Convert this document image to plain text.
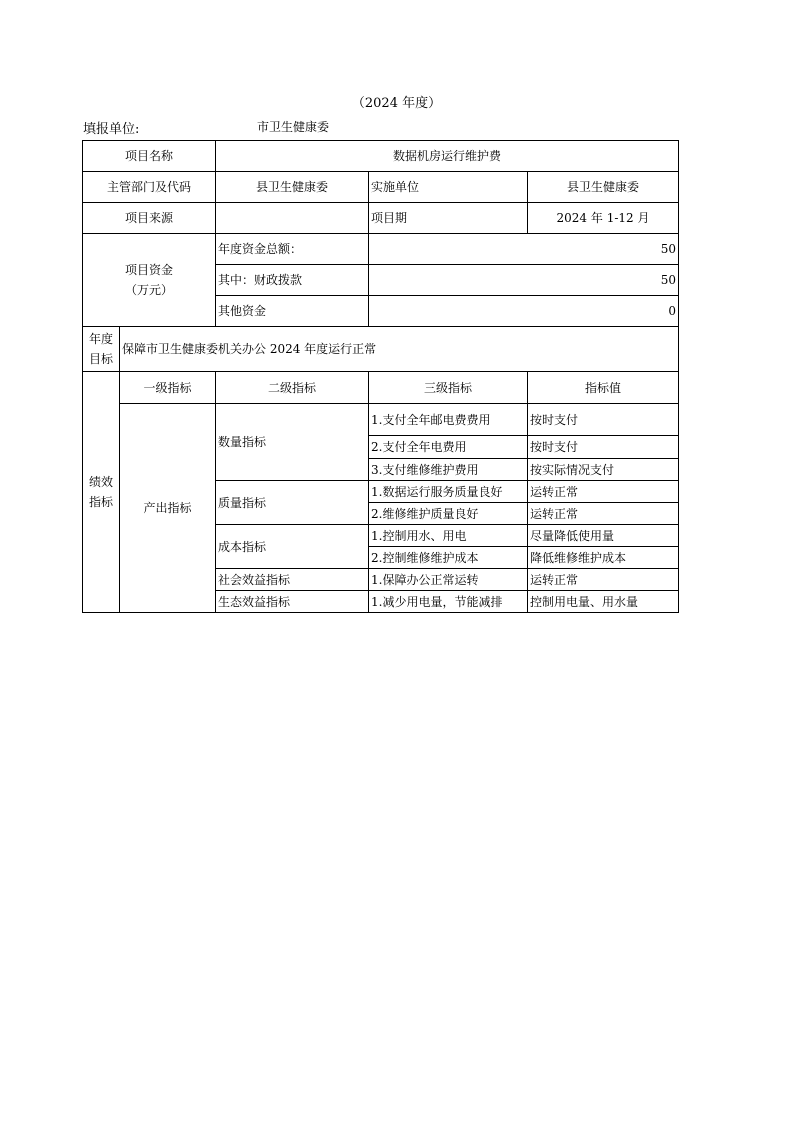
（2024 年度）
填报单位:	市卫生健康委
项目名称		数据机房运行维护费		
主管部门及代码		县卫生健康委	实施单位	县卫生健康委
项目来源			项目期	2024 年 1-12 月

项目资金
（万元）		年度资金总额：	50	
		其中：财政拨款	50	
		其他资金	0	
年度目标	保障市卫生健康委机关办公 2024 年度运行正常			
绩效指标	一级指标	二级指标	三级指标	指标值
	产出指标	数量指标	1.支付全年邮电费费用	按时支付
			2.支付全年电费用	按时支付
			3.支付维修维护费用	按实际情况支付
		质量指标	1.数据运行服务质量良好	运转正常
			2.维修维护质量良好	运转正常
		成本指标	1.控制用水、用电	尽量降低使用量
			2.控制维修维护成本	降低维修维护成本
		社会效益指标	1.保障办公正常运转	运转正常
		生态效益指标	1.减少用电量，节能减排	控制用电量、用水量
